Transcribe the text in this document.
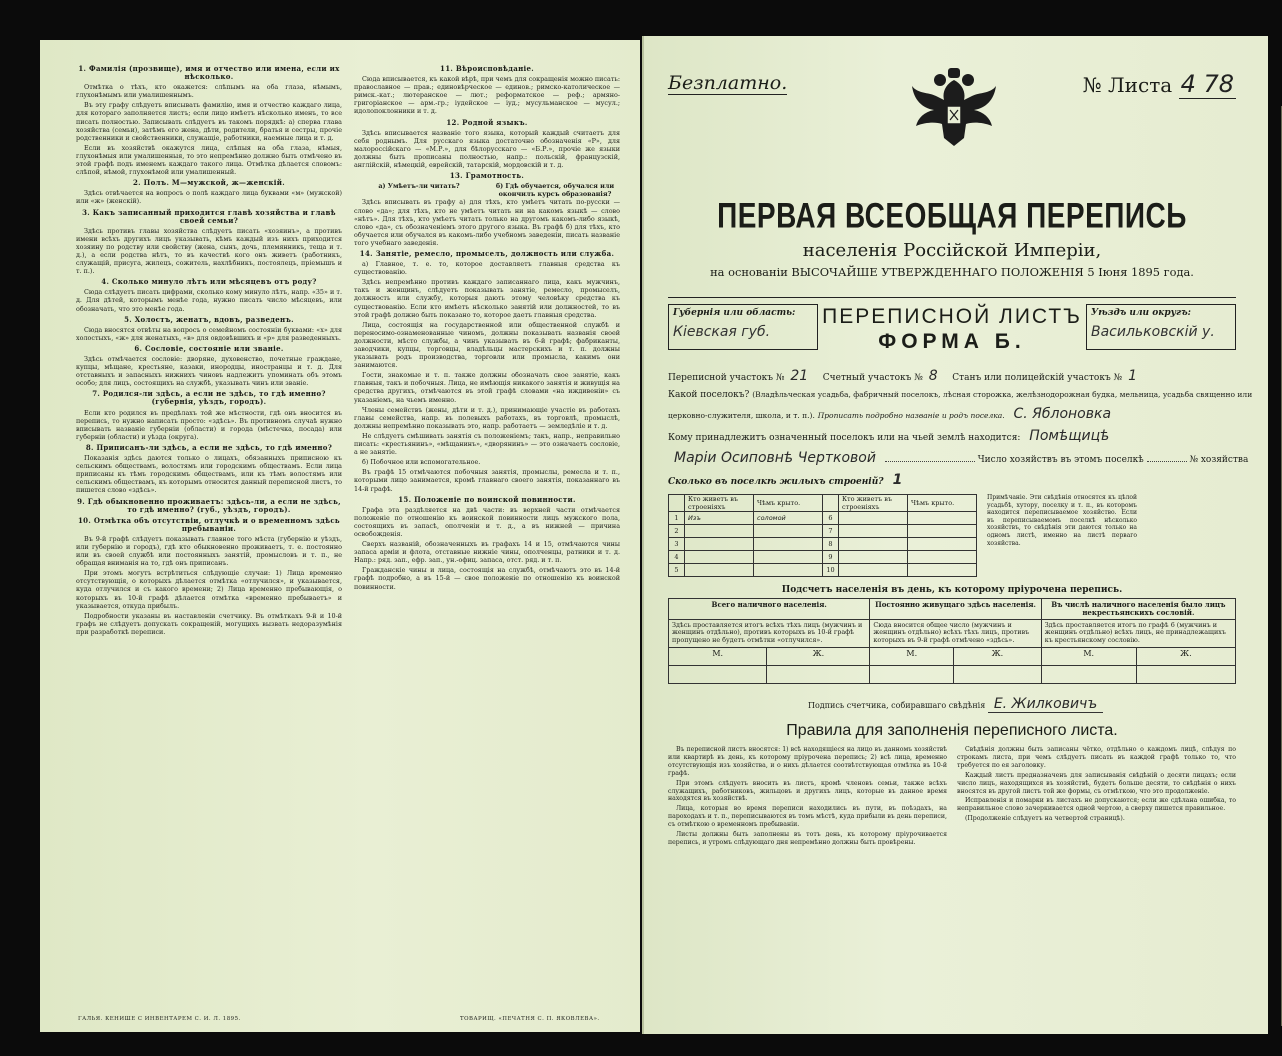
1. Фамилія (прозвище), имя и отчество или имена, если их нѣсколько.

Отмѣтка о тѣхъ, кто окажется: слѣпымъ на оба глаза, нѣмымъ, глухонѣмымъ или умалишеннымъ.

Въ эту графу слѣдуетъ вписывать фамилію, имя и отчество каждаго лица, для котораго заполняется листъ; если лицо имѣетъ нѣсколько именъ, то все писать полностью. Записывать слѣдуетъ въ такомъ порядкѣ: а) сперва глава хозяйства (семьи), затѣмъ его жена, дѣти, родители, братья и сестры, прочіе родственники и свойственники, служащіе, работники, наемные лица и т. д.

Если въ хозяйствѣ окажутся лица, слѣпыя на оба глаза, нѣмыя, глухонѣмыя или умалишенныя, то это непремѣнно должно быть отмѣчено въ этой графѣ подъ именемъ каждаго такого лица. Отмѣтка дѣлается словомъ: слѣпой, нѣмой, глухонѣмой или умалишенный.

2. Полъ. М—мужской, ж—женскій.

Здѣсь отвѣчается на вопросъ о полѣ каждаго лица буквами «м» (мужской) или «ж» (женскій).

3. Какъ записанный приходится главѣ хозяйства и главѣ своей семьи?

Здѣсь противъ главы хозяйства слѣдуетъ писать «хозяинъ», а противъ имени всѣхъ другихъ лицъ указывать, кѣмъ каждый изъ нихъ приходится хозяину по родству или свойству (жена, сынъ, дочь, племянникъ, теща и т. д.), а если родства нѣтъ, то въ качествѣ кого онъ живетъ (работникъ, служащій, присуга, жилецъ, сожитель, нахлѣбникъ, постоялецъ, пріемышъ и т. п.).

4. Сколько минуло лѣтъ или мѣсяцевъ отъ роду?

Сюда слѣдуетъ писать цифрами, сколько кому минуло лѣтъ, напр. «35» и т. д. Для дѣтей, которымъ менѣе года, нужно писать число мѣсяцевъ, или обозначать, что это менѣе года.

5. Холостъ, женатъ, вдовъ, разведенъ.

Сюда вносятся отвѣты на вопросъ о семейномъ состояніи буквами: «х» для холостыхъ, «ж» для женатыхъ, «в» для овдовѣвшихъ и «р» для разведенныхъ.

6. Сословіе, состояніе или званіе.

Здѣсь отмѣчается сословіе: дворяне, духовенство, почетные граждане, купцы, мѣщане, крестьяне, казаки, инородцы, иностранцы и т. д. Для отставныхъ и запасныхъ нижнихъ чиновъ надлежитъ упоминать объ этомъ особо; для лицъ, состоящихъ на службѣ, указывать чинъ или званіе.

7. Родился-ли здѣсь, а если не здѣсь, то гдѣ именно? (губернія, уѣздъ, городъ).

Если кто родился въ предѣлахъ той же мѣстности, гдѣ онъ вносится въ перепись, то нужно написать просто: «здѣсь». Въ противномъ случаѣ нужно вписывать названіе губерніи (области) и города (мѣстечка, посада) или губерніи (области) и уѣзда (округа).

8. Приписанъ-ли здѣсь, а если не здѣсь, то гдѣ именно?

Показанія здѣсь даются только о лицахъ, обязанныхъ приписною къ сельскимъ обществамъ, волостямъ или городскимъ обществамъ. Если лица приписаны къ тѣмъ городскимъ обществамъ, или къ тѣмъ волостямъ или сельскимъ обществамъ, къ которымъ относится данный переписной листъ, то пишется слово «здѣсь».

9. Гдѣ обыкновенно проживаетъ: здѣсь-ли, а если не здѣсь, то гдѣ именно? (губ., уѣздъ, городъ).
10. Отмѣтка объ отсутствіи, отлучкѣ и о временномъ здѣсь пребываніи.

Въ 9-й графѣ слѣдуетъ показывать главное того мѣста (губернію и уѣздъ, или губернію и городъ), гдѣ кто обыкновенно проживаетъ, т. е. постоянно или въ своей службѣ или постоянныхъ занятій, промысловъ и т. п., не обращая вниманія на то, гдѣ онъ приписанъ.

При этомъ могутъ встрѣтиться слѣдующіе случаи: 1) Лица временно отсутствующія, о которыхъ дѣлается отмѣтка «отлучился», и указывается, куда отлучился и съ какого времени; 2) Лица временно пребывающія, о которыхъ въ 10-й графѣ дѣлается отмѣтка «временно пребываетъ» и указывается, откуда прибылъ.

Подробности указаны въ наставленіи счетчику. Въ отмѣткахъ 9-й и 10-й графъ не слѣдуетъ допускать сокращеній, могущихъ вызвать недоразумѣнія при разработкѣ переписи.

11. Вѣроисповѣданіе.

Сюда вписывается, къ какой вѣрѣ, при чемъ для сокращенія можно писать: православное — прав.; единовѣрческое — единов.; римско-католическое — римск.-кат.; лютеранское — лют.; реформатское — реф.; армяно-григоріанское — арм.-гр.; іудейское — іуд.; мусульманское — мусул.; идолопоклонники и т. д.

12. Родной языкъ.

Здѣсь вписывается названіе того языка, который каждый считаетъ для себя роднымъ. Для русскаго языка достаточно обозначенія «Р», для малороссійскаго — «М.Р.», для бѣлорусскаго — «Б.Р.», прочіе же языки должны быть прописаны полностью, напр.: польскій, французскій, англійскій, нѣмецкій, еврейскій, татарскій, мордовскій и т. д.

13. Грамотность.
а) Умѣетъ-ли читать?	б) Гдѣ обучается, обучался или окончилъ курсъ образованія?

Здѣсь вписывать въ графу а) для тѣхъ, кто умѣетъ читать по-русски — слово «да»; для тѣхъ, кто не умѣетъ читать ни на какомъ языкѣ — слово «нѣтъ». Для тѣхъ, кто умѣетъ читать только на другомъ какомъ-либо языкѣ, слово «да», съ обозначеніемъ этого другого языка. Въ графѣ б) для тѣхъ, кто обучается или обучался въ какомъ-либо учебномъ заведеніи, писать названіе того учебнаго заведенія.

14. Занятіе, ремесло, промыселъ, должность или служба.

а) Главное, т. е. то, которое доставляетъ главныя средства къ существованію.

Здѣсь непремѣнно противъ каждаго записаннаго лица, какъ мужчинъ, такъ и женщинъ, слѣдуетъ показывать занятіе, ремесло, промыселъ, должность или службу, которыя дають этому человѣку средства къ существованію. Если кто имѣетъ нѣсколько занятій или должностей, то въ этой графѣ должно быть показано то, которое даетъ главныя средства.

Лица, состоящія на государственной или общественной службѣ и переносимо-ознаменованные чиномъ, должны показывать названія своей должности, мѣсто службы, а чинъ указывать въ 6-й графѣ; фабриканты, заводчики, купцы, торговцы, владѣльцы мастерскихъ и т. п. должны указывать родъ производства, торговли или промысла, какимъ они занимаются.

Гости, знакомые и т. п. также должны обозначать свое занятіе, какъ главныя, такъ и побочныя. Лица, не имѣющія никакого занятія и живущія на средства другихъ, отмѣчаются въ этой графѣ словами «на иждивеніи» съ указаніемъ, на чьемъ именно.

Члены семействъ (жены, дѣти и т. д.), принимающіе участіе въ работахъ главы семейства, напр. въ полевыхъ работахъ, въ торговлѣ, промыслѣ, должны непремѣнно показывать это, напр. работаетъ — земледѣліе и т. д.

Не слѣдуетъ смѣшивать занятія съ положеніемъ; такъ, напр., неправильно писать: «крестьянинъ», «мѣщанинъ», «дворянинъ» — это означаетъ сословіе, а не занятіе.

б) Побочное или вспомогательное.

Въ графѣ 15 отмѣчаются побочныя занятія, промыслы, ремесла и т. п., которыми лицо занимается, кромѣ главнаго своего занятія, показаннаго въ 14-й графѣ.

15. Положеніе по воинской повинности.

Графа эта раздѣляется на двѣ части: въ верхней части отмѣчается положеніе по отношенію къ воинской повинности лицъ мужского пола, состоящихъ въ запасѣ, ополченіи и т. д., а въ нижней — причина освобожденія.

Сверхъ названій, обозначенныхъ въ графахъ 14 и 15, отмѣчаются чины запаса арміи и флота, отставные нижніе чины, ополченцы, ратники и т. д. Напр.: ряд. зап., ефр. зап., ун.-офиц. запаса, отст. ряд. и т. п.

Гражданскіе чины и лица, состоящія на службѣ, отмѣчаютъ это въ 14-й графѣ подробно, а въ 15-й — свое положеніе по отношенію къ воинской повинности.

ГАЛЬЯ. КЕНИШЕ С ИНВЕНТАРЕМ С. И. Л. 1895.	ТОВАРИЩ. «ПЕЧАТНЯ С. П. ЯКОВЛЕВА».
Безплатно.	№ Листа 4 78
ПЕРВАЯ ВСЕОБЩАЯ ПЕРЕПИСЬ
населенія Россійской Имперіи,
на основаніи ВЫСОЧАЙШЕ УТВЕРЖДЕННАГО ПОЛОЖЕНІЯ 5 Іюня 1895 года.
Губернія или область:
Кіевская губ.
ПЕРЕПИСНОЙ ЛИСТЪ
ФОРМА Б.
Уѣздъ или округъ:
Васильковскій у.
Переписной участокъ № 21 Счетный участокъ № 8 Станъ или полицейскій участокъ № 1
Какой поселокъ? (Владѣльческая усадьба, фабричный поселокъ, лѣсная сторожка, желѣзнодорожная будка, мельница, усадьба священно или
церковно-служителя, школа, и т. п.). Прописать подробно названіе и родъ поселка. С. Яблоновка
Кому принадлежитъ означенный поселокъ или на чьей землѣ находится: Помѣщицѣ
Маріи Осиповнѣ Чертковой	Число хозяйствъ въ этомъ поселкѣ	№ хозяйства
Сколько въ поселкѣ жилыхъ строеній? 1
	Кто живетъ въ строеніяхъ	Чѣмъ крыто.		Кто живетъ въ строеніяхъ	Чѣмъ крыто.
1	Изъ	соломой	6		
2			7		
3			8		
4			9		
5			10		
Примѣчаніе. Эти свѣдѣнія относятся къ цѣлой усадьбѣ, хутору, поселку и т. п., въ которомъ находится переписываемое хозяйство. Если въ переписываемомъ поселкѣ нѣсколько хозяйствъ, то свѣдѣнія эти даются только на одномъ листѣ, именно на листѣ перваго хозяйства.
Подсчетъ населенія въ день, къ которому пріурочена перепись.
Всего наличного населенія.		Постоянно живущаго здѣсь населенія.		Въ числѣ наличного населенія было лицъ некрестьянскихъ сословій.	
Здѣсь проставляется итогъ всѣхъ тѣхъ лицъ (мужчинъ и женщинъ отдѣльно), противъ которыхъ въ 10-й графѣ пропущено не будетъ отмѣтки «отлучился».		Сюда вносится общее число (мужчинъ и женщинъ отдѣльно) всѣхъ тѣхъ лицъ, противъ которыхъ въ 9-й графѣ отмѣчено «здѣсь».		Здѣсь проставляется итогъ по графѣ 6 (мужчинъ и женщинъ отдѣльно) всѣхъ лицъ, не принадлежащихъ къ крестьянскому сословію.	
М.	Ж.	М.	Ж.	М.	Ж.

Подпись счетчика, собиравшаго свѣдѣнія Е. Жилковичъ
Правила для заполненія переписного листа.

Въ переписной листъ вносятся: 1) всѣ находящіеся на лицо въ данномъ хозяйствѣ или квартирѣ въ день, къ которому пріурочена перепись; 2) всѣ лица, временно отсутствующія изъ хозяйства, и о нихъ дѣлается соотвѣтствующая отмѣтка въ 10-й графѣ.

При этомъ слѣдуетъ вносить въ листъ, кромѣ членовъ семьи, также всѣхъ служащихъ, работниковъ, жильцовъ и другихъ лицъ, которые въ данное время находятся въ хозяйствѣ.

Лица, которыя во время переписи находились въ пути, въ поѣздахъ, на пароходахъ и т. п., переписываются въ томъ мѣстѣ, куда прибыли въ день переписи, съ отмѣткою о временномъ пребываніи.

Листы должны быть заполнены въ тотъ день, къ которому пріурочивается перепись, и утромъ слѣдующаго дня непремѣнно должны быть провѣрены.

Свѣдѣнія должны быть записаны чётко, отдѣльно о каждомъ лицѣ, слѣдуя по строкамъ листа, при чемъ слѣдуетъ писать въ каждой графѣ только то, что требуется по ея заголовку.

Каждый листъ предназначенъ для записыванія свѣдѣній о десяти лицахъ; если число лицъ, находящихся въ хозяйствѣ, будетъ больше десяти, то свѣдѣнія о нихъ вносятся въ другой листъ той же формы, съ отмѣткою, что это продолженіе.

Исправленія и помарки въ листахъ не допускаются; если же сдѣлана ошибка, то неправильное слово зачеркивается одной чертою, а сверху пишется правильное.

(Продолженіе слѣдуетъ на четвертой страницѣ).
